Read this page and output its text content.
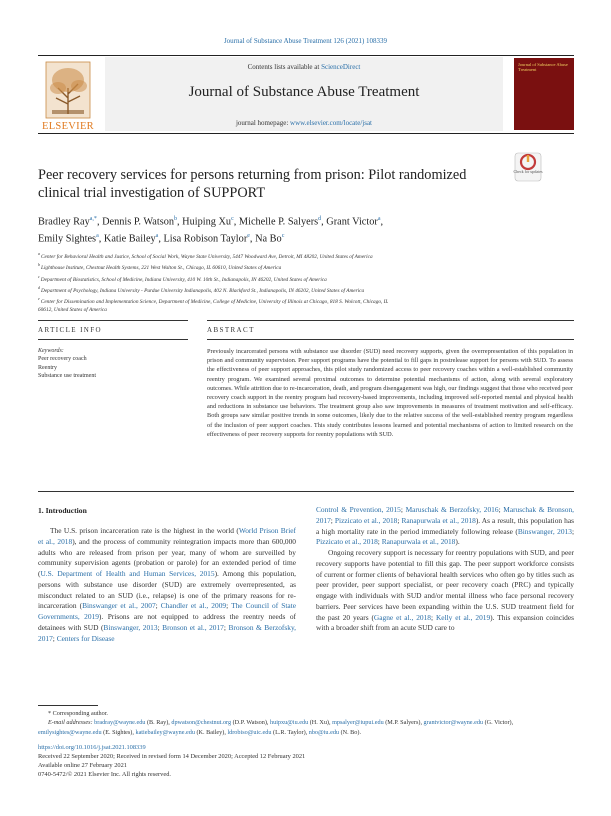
Journal of Substance Abuse Treatment 126 (2021) 108339
ELSEVIER
Contents lists available at ScienceDirect
Journal of Substance Abuse Treatment
journal homepage: www.elsevier.com/locate/jsat
Journal of Substance Abuse Treatment
Check for updates
Peer recovery services for persons returning from prison: Pilot randomized clinical trial investigation of SUPPORT
Bradley Ray$^{a,*}$, Dennis P. Watson$^b$, Huiping Xu$^c$, Michelle P. Salyers$^d$, Grant Victor$^a$,
Emily Sightes$^a$, Katie Bailey$^a$, Lisa Robison Taylor$^e$, Na Bo$^c$
$^a$ Center for Behavioral Health and Justice, School of Social Work, Wayne State University, 5447 Woodward Ave, Detroit, MI 48202, United States of America
$^b$ Lighthouse Institute, Chestnut Health Systems, 221 West Walton St., Chicago, IL 60610, United States of America
$^c$ Department of Biostatistics, School of Medicine, Indiana University, 410 W. 10th St., Indianapolis, IN 46202, United States of America
$^d$ Department of Psychology, Indiana University - Purdue University Indianapolis, 402 N. Blackford St., Indianapolis, IN 46202, United States of America
$^e$ Center for Dissemination and Implementation Science, Department of Medicine, College of Medicine, University of Illinois at Chicago, 818 S. Wolcott, Chicago, IL
60612, United States of America
ARTICLE INFO	ABSTRACT
Keywords:
Peer recovery coach
Reentry
Substance use treatment
Previously incarcerated persons with substance use disorder (SUD) need recovery supports, given the overrepresentation of this population in prison and community supervision. Peer support programs have the potential to fill gaps in postrelease support for persons with SUD. To assess the effectiveness of peer support approaches, this pilot study randomized access to peer recovery coaches within a well-established community reentry program. We examined several proximal outcomes to determine potential mechanisms of action, along with several exploratory outcomes. While attrition due to re-incarceration, death, and program disengagement was high, our findings suggest that those who received peer recovery coach support in the reentry program had recovery-based improvements, including improved self-reported mental and physical health and reductions in substance use behaviors. The treatment group also saw improvements in measures of treatment motivation and self-efficacy. Both groups saw similar positive trends in some outcomes, likely due to the relative success of the well-established reentry program regardless of the inclusion of peer support coaches. This study contributes lessons learned and potential mechanisms of action to limited research on the effectiveness of peer recovery supports for reentry populations with SUD.
1. Introduction

The U.S. prison incarceration rate is the highest in the world (World Prison Brief et al., 2018), and the process of community reintegration impacts more than 600,000 adults who are released from prison per year, many of whom are surveilled by community supervision agents (probation or parole) for an extended period of time (U.S. Department of Health and Human Services, 2015). Among this population, persons with substance use disorder (SUD) are extremely overrepresented, as misconduct related to an SUD (i.e., relapse) is one of the primary reasons for re-incarceration (Binswanger et al., 2007; Chandler et al., 2009; The Council of State Governments, 2019). Prisons are not equipped to address the reentry needs of detainees with SUD (Binswanger, 2013; Bronson et al., 2017; Bronson & Berzofsky, 2017; Centers for Disease

Control & Prevention, 2015; Maruschak & Berzofsky, 2016; Maruschak & Bronson, 2017; Pizzicato et al., 2018; Ranapurwala et al., 2018). As a result, this population has a high mortality rate in the period immediately following release (Binswanger, 2013; Pizzicato et al., 2018; Ranapurwala et al., 2018).

Ongoing recovery support is necessary for reentry populations with SUD, and peer recovery supports have potential to fill this gap. The peer support workforce consists of current or former clients of behavioral health services who often go by titles such as peer provider, peer support specialist, or peer recovery coach (PRC) and typically engage with individuals with SUD and/or mental illness who face personal recovery barriers. Peer services have been expanding within the U.S. SUD treatment field for the past 20 years (Gagne et al., 2018; Kelly et al., 2019). This expansion coincides with a broader shift from an acute SUD care to

* Corresponding author.
E-mail addresses: bradray@wayne.edu (B. Ray), dpwatson@chestnut.org (D.P. Watson), huipxu@iu.edu (H. Xu), mpsalyer@iupui.edu (M.P. Salyers), grantvictor@wayne.edu (G. Victor), emilysightes@wayne.edu (E. Sightes), katiebailey@wayne.edu (K. Bailey), ldrobiso@uic.edu (L.R. Taylor), nbo@iu.edu (N. Bo).
https://doi.org/10.1016/j.jsat.2021.108339
Received 22 September 2020; Received in revised form 14 December 2020; Accepted 12 February 2021
Available online 27 February 2021
0740-5472/© 2021 Elsevier Inc. All rights reserved.
